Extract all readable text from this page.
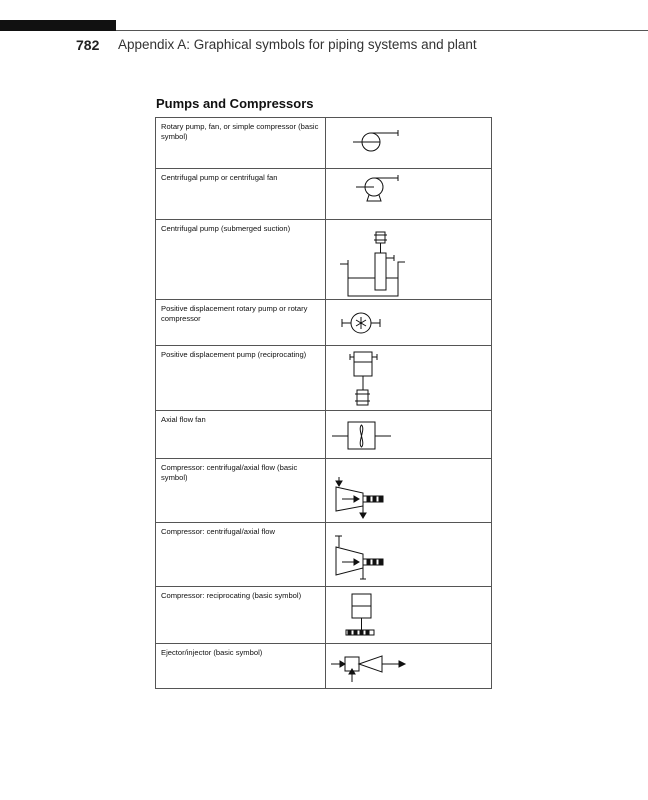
782 Appendix A: Graphical symbols for piping systems and plant
Pumps and Compressors
Rotary pump, fan, or simple compressor (basic symbol)	

Centrifugal pump or centrifugal fan	

Centrifugal pump (submerged suction)	

Positive displacement rotary pump or rotary compressor	

Positive displacement pump (reciprocating)	

Axial flow fan	

Compressor: centrifugal/axial flow (basic symbol)	

Compressor: centrifugal/axial flow	

Compressor: reciprocating (basic symbol)	

Ejector/injector (basic symbol)	
